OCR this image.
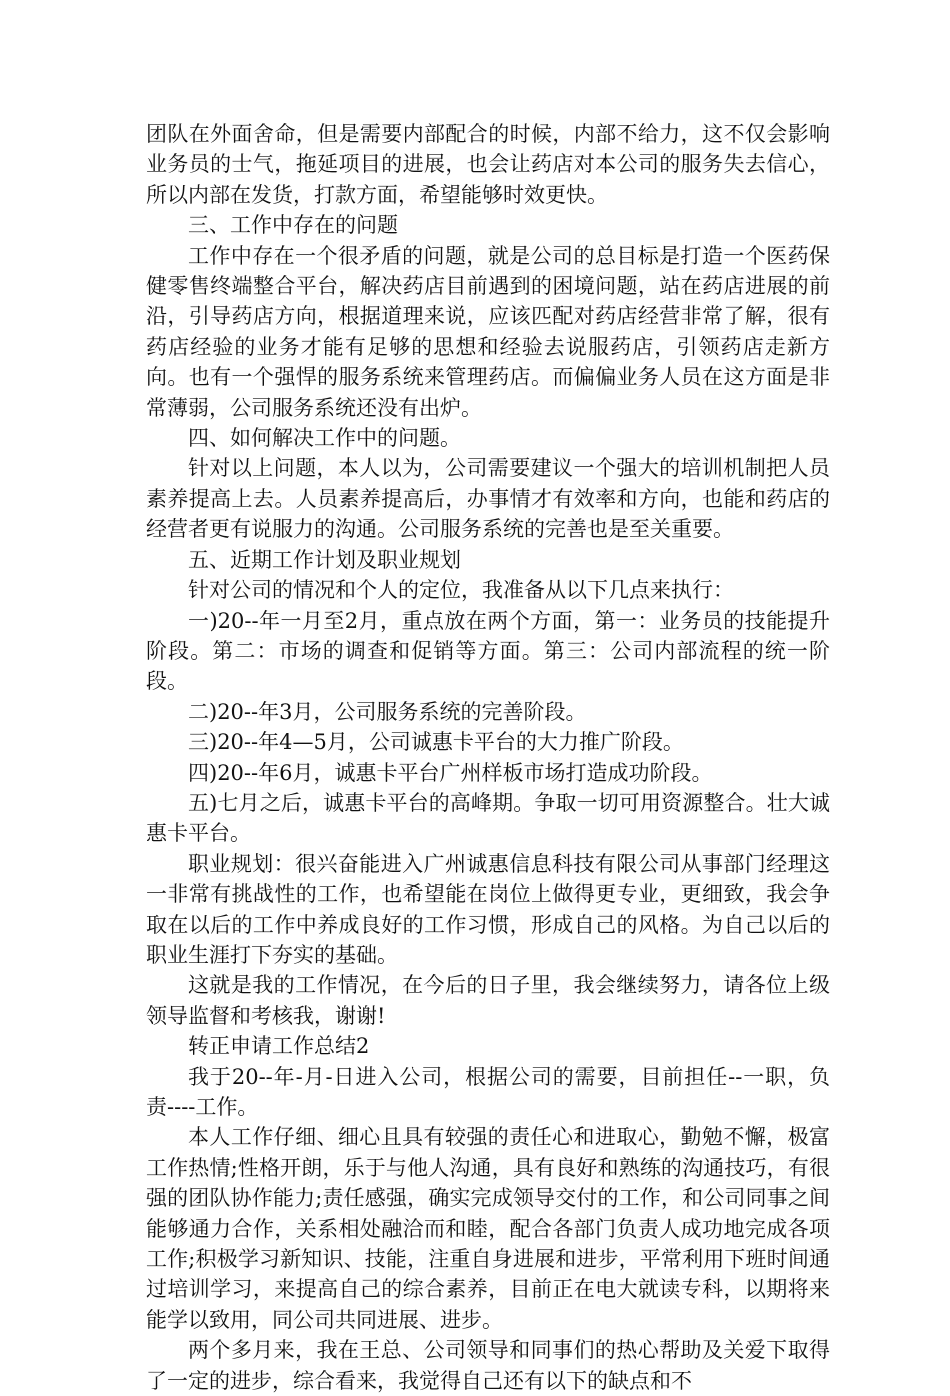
团队在外面舍命，但是需要内部配合的时候，内部不给力，这不仅会影响业务员的士气，拖延项目的进展，也会让药店对本公司的服务失去信心，所以内部在发货，打款方面，希望能够时效更快。

三、工作中存在的问题

工作中存在一个很矛盾的问题，就是公司的总目标是打造一个医药保健零售终端整合平台，解决药店目前遇到的困境问题，站在药店进展的前沿，引导药店方向，根据道理来说，应该匹配对药店经营非常了解，很有药店经验的业务才能有足够的思想和经验去说服药店，引领药店走新方向。也有一个强悍的服务系统来管理药店。而偏偏业务人员在这方面是非常薄弱，公司服务系统还没有出炉。

四、如何解决工作中的问题。

针对以上问题，本人以为，公司需要建议一个强大的培训机制把人员素养提高上去。人员素养提高后，办事情才有效率和方向，也能和药店的经营者更有说服力的沟通。公司服务系统的完善也是至关重要。

五、近期工作计划及职业规划

针对公司的情况和个人的定位，我准备从以下几点来执行：

一)20--年一月至2月，重点放在两个方面，第一：业务员的技能提升阶段。第二：市场的调查和促销等方面。第三：公司内部流程的统一阶段。

二)20--年3月，公司服务系统的完善阶段。

三)20--年4—5月，公司诚惠卡平台的大力推广阶段。

四)20--年6月，诚惠卡平台广州样板市场打造成功阶段。

五)七月之后，诚惠卡平台的高峰期。争取一切可用资源整合。壮大诚惠卡平台。

职业规划：很兴奋能进入广州诚惠信息科技有限公司从事部门经理这一非常有挑战性的工作，也希望能在岗位上做得更专业，更细致，我会争取在以后的工作中养成良好的工作习惯，形成自己的风格。为自己以后的职业生涯打下夯实的基础。

这就是我的工作情况，在今后的日子里，我会继续努力，请各位上级领导监督和考核我，谢谢!

转正申请工作总结2

我于20--年-月-日进入公司，根据公司的需要，目前担任--一职，负责----工作。

本人工作仔细、细心且具有较强的责任心和进取心，勤勉不懈，极富工作热情;性格开朗，乐于与他人沟通，具有良好和熟练的沟通技巧，有很强的团队协作能力;责任感强，确实完成领导交付的工作，和公司同事之间能够通力合作，关系相处融洽而和睦，配合各部门负责人成功地完成各项工作;积极学习新知识、技能，注重自身进展和进步，平常利用下班时间通过培训学习，来提高自己的综合素养，目前正在电大就读专科，以期将来能学以致用，同公司共同进展、进步。

两个多月来，我在王总、公司领导和同事们的热心帮助及关爱下取得了一定的进步，综合看来，我觉得自己还有以下的缺点和不
